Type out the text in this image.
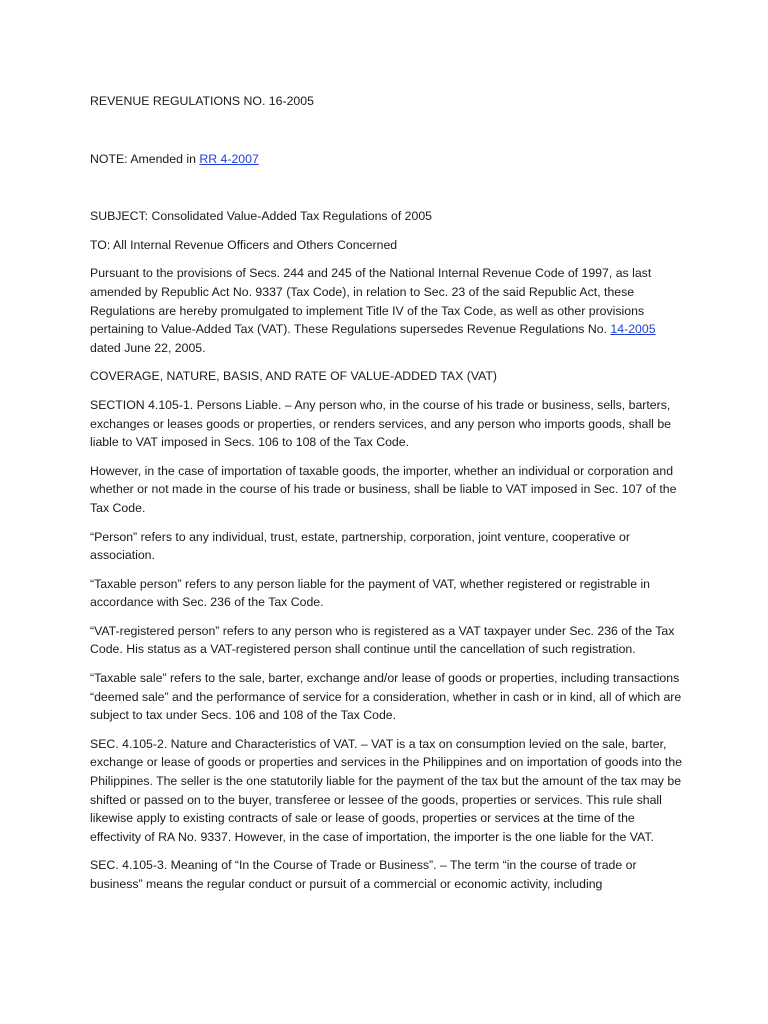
REVENUE REGULATIONS NO. 16-2005

NOTE: Amended in RR 4-2007

SUBJECT: Consolidated Value-Added Tax Regulations of 2005

TO: All Internal Revenue Officers and Others Concerned

Pursuant to the provisions of Secs. 244 and 245 of the National Internal Revenue Code of 1997, as last amended by Republic Act No. 9337 (Tax Code), in relation to Sec. 23 of the said Republic Act, these Regulations are hereby promulgated to implement Title IV of the Tax Code, as well as other provisions pertaining to Value-Added Tax (VAT). These Regulations supersedes Revenue Regulations No. 14-2005 dated June 22, 2005.

COVERAGE, NATURE, BASIS, AND RATE OF VALUE-ADDED TAX (VAT)

SECTION 4.105-1. Persons Liable. – Any person who, in the course of his trade or business, sells, barters, exchanges or leases goods or properties, or renders services, and any person who imports goods, shall be liable to VAT imposed in Secs. 106 to 108 of the Tax Code.

However, in the case of importation of taxable goods, the importer, whether an individual or corporation and whether or not made in the course of his trade or business, shall be liable to VAT imposed in Sec. 107 of the Tax Code.

“Person” refers to any individual, trust, estate, partnership, corporation, joint venture, cooperative or association.

“Taxable person” refers to any person liable for the payment of VAT, whether registered or registrable in accordance with Sec. 236 of the Tax Code.

“VAT-registered person” refers to any person who is registered as a VAT taxpayer under Sec. 236 of the Tax Code. His status as a VAT-registered person shall continue until the cancellation of such registration.

“Taxable sale” refers to the sale, barter, exchange and/or lease of goods or properties, including transactions “deemed sale” and the performance of service for a consideration, whether in cash or in kind, all of which are subject to tax under Secs. 106 and 108 of the Tax Code.

SEC. 4.105-2. Nature and Characteristics of VAT. – VAT is a tax on consumption levied on the sale, barter, exchange or lease of goods or properties and services in the Philippines and on importation of goods into the Philippines. The seller is the one statutorily liable for the payment of the tax but the amount of the tax may be shifted or passed on to the buyer, transferee or lessee of the goods, properties or services. This rule shall likewise apply to existing contracts of sale or lease of goods, properties or services at the time of the effectivity of RA No. 9337. However, in the case of importation, the importer is the one liable for the VAT.

SEC. 4.105-3. Meaning of “In the Course of Trade or Business”. – The term “in the course of trade or business” means the regular conduct or pursuit of a commercial or economic activity, including
